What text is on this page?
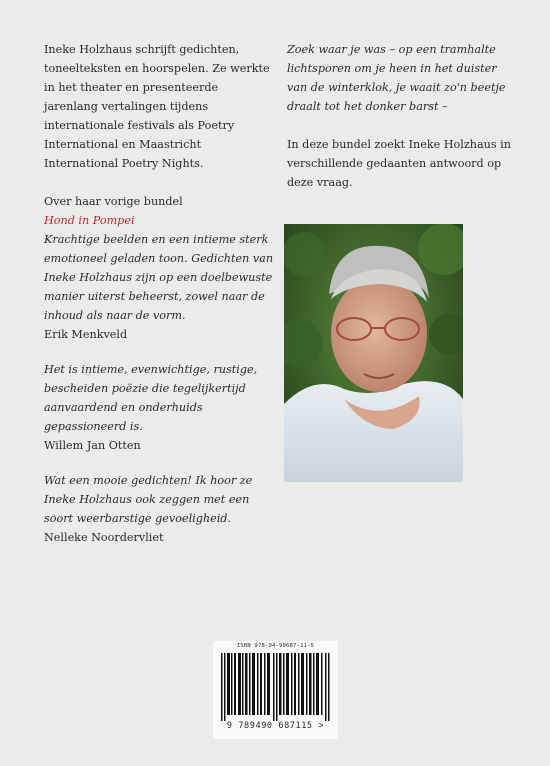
Ineke Holzhaus schrijft gedichten, toneelteksten en hoorspelen. Ze werkte in het theater en presenteerde jarenlang vertalingen tijdens internationale festivals als Poetry International en Maastricht International Poetry Nights.

Over haar vorige bundel

Hond in Pompei

Krachtige beelden en een intieme sterk emotioneel geladen toon. Gedichten van Ineke Holzhaus zijn op een doelbewuste manier uiterst beheerst, zowel naar de inhoud als naar de vorm.

Erik Menkveld

Het is intieme, evenwichtige, rustige, bescheiden poëzie die tegelijkertijd aanvaardend en onderhuids gepassioneerd is.

Willem Jan Otten

Wat een mooie gedichten! Ik hoor ze Ineke Holzhaus ook zeggen met een soort weerbarstige gevoeligheid.

Nelleke Noordervliet

Zoek waar je was – op een tramhalte lichtsporen om je heen in het duister van de winterklok, je waait zo'n beetje draalt tot het donker barst –

In deze bundel zoekt Ineke Holzhaus in verschillende gedaanten antwoord op deze vraag.

ISBN 978-94-90687-11-5
9 789490 687115 >
